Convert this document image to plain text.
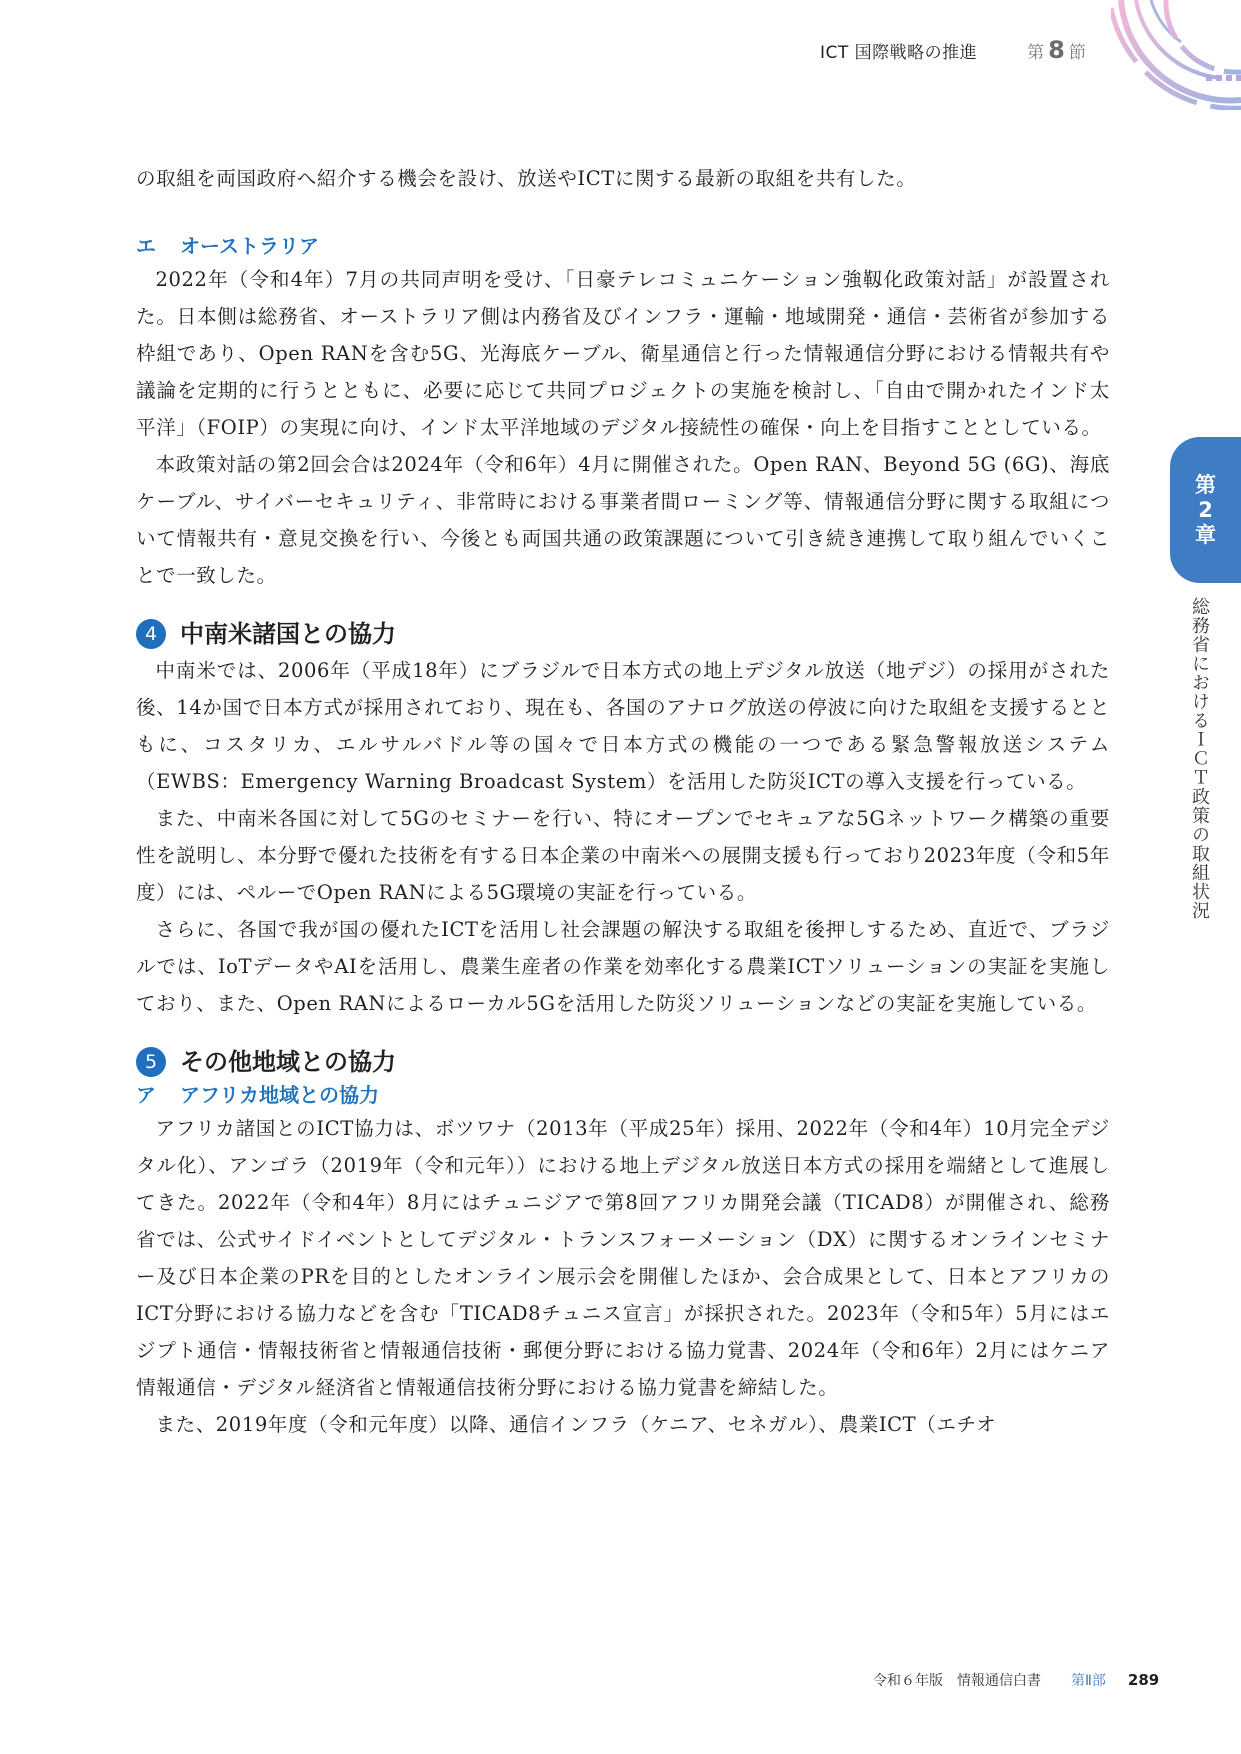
ICT 国際戦略の推進	第 8 節
第
2
章
総務省におけるＩＣＴ政策の取組状況

の取組を両国政府へ紹介する機会を設け、放送やICTに関する最新の取組を共有した。

エ オーストラリア

2022年（令和4年）7月の共同声明を受け、「日豪テレコミュニケーション強靱化政策対話」が設置された。日本側は総務省、オーストラリア側は内務省及びインフラ・運輸・地域開発・通信・芸術省が参加する枠組であり、Open RANを含む5G、光海底ケーブル、衛星通信と行った情報通信分野における情報共有や議論を定期的に行うとともに、必要に応じて共同プロジェクトの実施を検討し、「自由で開かれたインド太平洋」（FOIP）の実現に向け、インド太平洋地域のデジタル接続性の確保・向上を目指すこととしている。

本政策対話の第2回会合は2024年（令和6年）4月に開催された。Open RAN、Beyond 5G (6G)、海底ケーブル、サイバーセキュリティ、非常時における事業者間ローミング等、情報通信分野に関する取組について情報共有・意見交換を行い、今後とも両国共通の政策課題について引き続き連携して取り組んでいくことで一致した。

4 中南米諸国との協力

中南米では、2006年（平成18年）にブラジルで日本方式の地上デジタル放送（地デジ）の採用がされた後、14か国で日本方式が採用されており、現在も、各国のアナログ放送の停波に向けた取組を支援するとともに、コスタリカ、エルサルバドル等の国々で日本方式の機能の一つである緊急警報放送システム（EWBS：Emergency Warning Broadcast System）を活用した防災ICTの導入支援を行っている。

また、中南米各国に対して5Gのセミナーを行い、特にオープンでセキュアな5Gネットワーク構築の重要性を説明し、本分野で優れた技術を有する日本企業の中南米への展開支援も行っており2023年度（令和5年度）には、ペルーでOpen RANによる5G環境の実証を行っている。

さらに、各国で我が国の優れたICTを活用し社会課題の解決する取組を後押しするため、直近で、ブラジルでは、IoTデータやAIを活用し、農業生産者の作業を効率化する農業ICTソリューションの実証を実施しており、また、Open RANによるローカル5Gを活用した防災ソリューションなどの実証を実施している。

5 その他地域との協力

ア アフリカ地域との協力

アフリカ諸国とのICT協力は、ボツワナ（2013年（平成25年）採用、2022年（令和4年）10月完全デジタル化）、アンゴラ（2019年（令和元年））における地上デジタル放送日本方式の採用を端緒として進展してきた。2022年（令和4年）8月にはチュニジアで第8回アフリカ開発会議（TICAD8）が開催され、総務省では、公式サイドイベントとしてデジタル・トランスフォーメーション（DX）に関するオンラインセミナー及び日本企業のPRを目的としたオンライン展示会を開催したほか、会合成果として、日本とアフリカのICT分野における協力などを含む「TICAD8チュニス宣言」が採択された。2023年（令和5年）5月にはエジプト通信・情報技術省と情報通信技術・郵便分野における協力覚書、2024年（令和6年）2月にはケニア情報通信・デジタル経済省と情報通信技術分野における協力覚書を締結した。

また、2019年度（令和元年度）以降、通信インフラ（ケニア、セネガル）、農業ICT（エチオ

令和６年版 情報通信白書 第Ⅱ部 289
